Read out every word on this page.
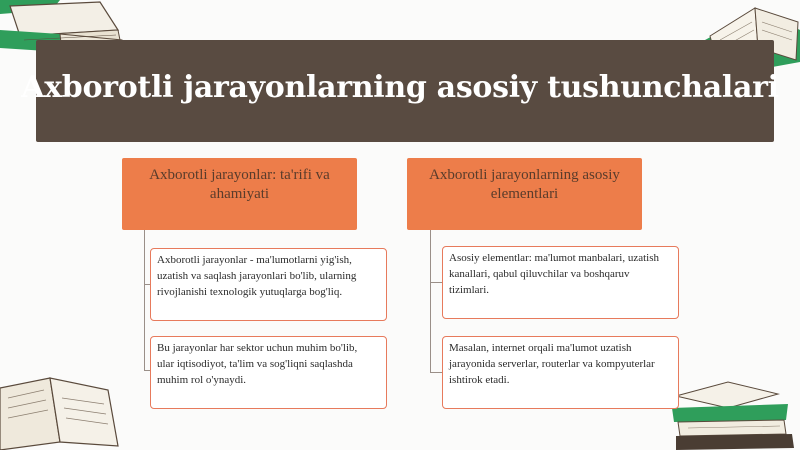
Axborotli jarayonlarning asosiy tushunchalari
Axborotli jarayonlar: ta'rifi va ahamiyati
Axborotli jarayonlar - ma'lumotlarni yig'ish, uzatish va saqlash jarayonlari bo'lib, ularning rivojlanishi texnologik yutuqlarga bog'liq.
Bu jarayonlar har sektor uchun muhim bo'lib, ular iqtisodiyot, ta'lim va sog'liqni saqlashda muhim rol o'ynaydi.
Axborotli jarayonlarning asosiy elementlari
Asosiy elementlar: ma'lumot manbalari, uzatish kanallari, qabul qiluvchilar va boshqaruv tizimlari.
Masalan, internet orqali ma'lumot uzatish jarayonida serverlar, routerlar va kompyuterlar ishtirok etadi.
